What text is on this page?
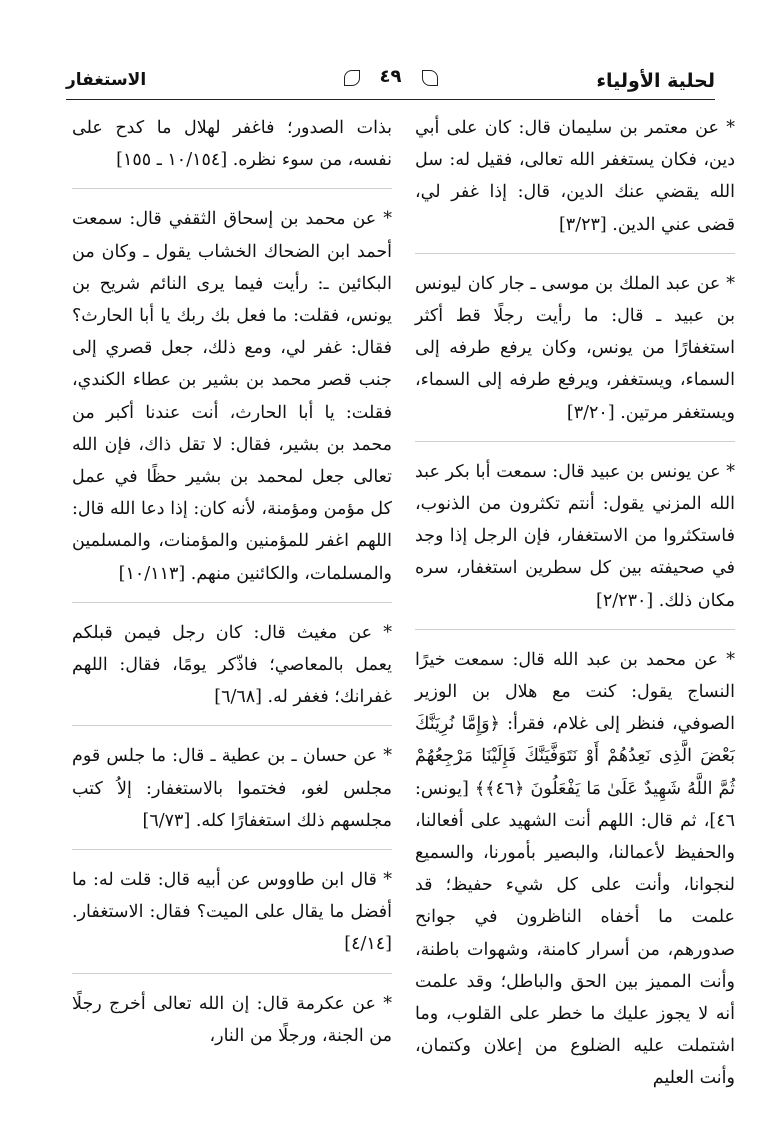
لحلية الأولياء
٤٩
الاستغفار

* عن معتمر بن سليمان قال: كان على أبي دين، فكان يستغفر الله تعالى، فقيل له: سل الله يقضي عنك الدين، قال: إذا غفر لي، قضى عني الدين. [٣/٢٣]

* عن عبد الملك بن موسى ـ جار كان ليونس بن عبيد ـ قال: ما رأيت رجلًا قط أكثر استغفارًا من يونس، وكان يرفع طرفه إلى السماء، ويستغفر، ويرفع طرفه إلى السماء، ويستغفر مرتين. [٣/٢٠]

* عن يونس بن عبيد قال: سمعت أبا بكر عبد الله المزني يقول: أنتم تكثرون من الذنوب، فاستكثروا من الاستغفار، فإن الرجل إذا وجد في صحيفته بين كل سطرين استغفار، سره مكان ذلك. [٢/٢٣٠]

* عن محمد بن عبد الله قال: سمعت خيرًا النساج يقول: كنت مع هلال بن الوزير الصوفي، فنظر إلى غلام، فقرأ: ﴿وَإِمَّا نُرِيَنَّكَ بَعْضَ الَّذِى نَعِدُهُمْ أَوْ نَتَوَفَّيَنَّكَ فَإِلَيْنَا مَرْجِعُهُمْ ثُمَّ اللَّهُ شَهِيدٌ عَلَىٰ مَا يَفْعَلُونَ ﴿٤٦﴾﴾ [يونس: ٤٦]، ثم قال: اللهم أنت الشهيد على أفعالنا، والحفيظ لأعمالنا، والبصير بأمورنا، والسميع لنجوانا، وأنت على كل شيء حفيظ؛ قد علمت ما أخفاه الناظرون في جوانح صدورهم، من أسرار كامنة، وشهوات باطنة، وأنت المميز بين الحق والباطل؛ وقد علمت أنه لا يجوز عليك ما خطر على القلوب، وما اشتملت عليه الضلوع من إعلان وكتمان، وأنت العليم

بذات الصدور؛ فاغفر لهلال ما كدح على نفسه، من سوء نظره. [١٠/١٥٤ ـ ١٥٥]

* عن محمد بن إسحاق الثقفي قال: سمعت أحمد ابن الضحاك الخشاب يقول ـ وكان من البكائين ـ: رأيت فيما يرى النائم شريح بن يونس، فقلت: ما فعل بك ربك يا أبا الحارث؟ فقال: غفر لي، ومع ذلك، جعل قصري إلى جنب قصر محمد بن بشير بن عطاء الكندي، فقلت: يا أبا الحارث، أنت عندنا أكبر من محمد بن بشير، فقال: لا تقل ذاك، فإن الله تعالى جعل لمحمد بن بشير حظًا في عمل كل مؤمن ومؤمنة، لأنه كان: إذا دعا الله قال: اللهم اغفر للمؤمنين والمؤمنات، والمسلمين والمسلمات، والكائنين منهم. [١٠/١١٣]

* عن مغيث قال: كان رجل فيمن قبلكم يعمل بالمعاصي؛ فاذّكر يومًا، فقال: اللهم غفرانك؛ فغفر له. [٦/٦٨]

* عن حسان ـ بن عطية ـ قال: ما جلس قوم مجلس لغو، فختموا بالاستغفار: إلاُ كتب مجلسهم ذلك استغفارًا كله. [٦/٧٣]

* قال ابن طاووس عن أبيه قال: قلت له: ما أفضل ما يقال على الميت؟ فقال: الاستغفار. [٤/١٤]

* عن عكرمة قال: إن الله تعالى أخرج رجلًا من الجنة، ورجلًا من النار،
